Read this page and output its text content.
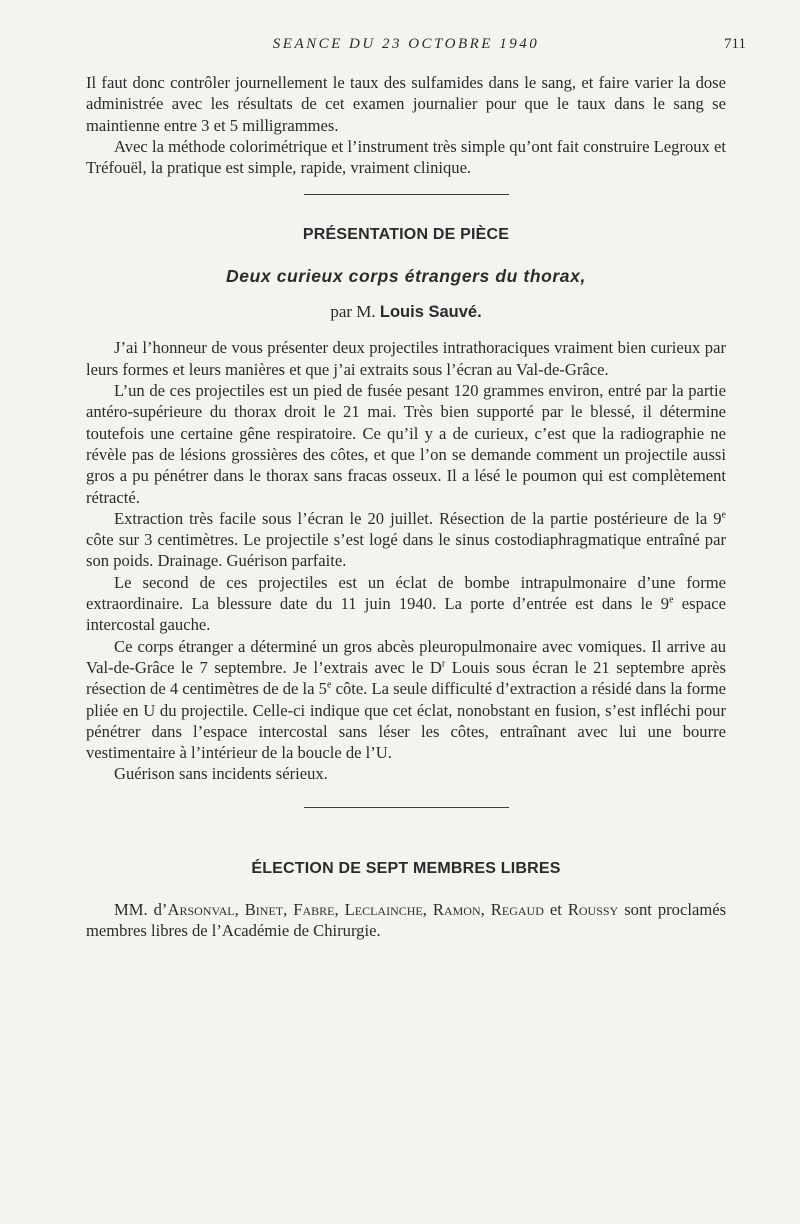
SEANCE DU 23 OCTOBRE 1940	711

Il faut donc contrôler journellement le taux des sulfamides dans le sang, et faire varier la dose administrée avec les résultats de cet examen journalier pour que le taux dans le sang se maintienne entre 3 et 5 milligrammes.

Avec la méthode colorimétrique et l’instrument très simple qu’ont fait construire Legroux et Tréfouël, la pratique est simple, rapide, vraiment clinique.

PRÉSENTATION DE PIÈCE
Deux curieux corps étrangers du thorax,
par M. Louis Sauvé.

J’ai l’honneur de vous présenter deux projectiles intrathoraciques vraiment bien curieux par leurs formes et leurs manières et que j’ai extraits sous l’écran au Val-de-Grâce.

L’un de ces projectiles est un pied de fusée pesant 120 grammes environ, entré par la partie antéro-supérieure du thorax droit le 21 mai. Très bien supporté par le blessé, il détermine toutefois une certaine gêne respiratoire. Ce qu’il y a de curieux, c’est que la radiographie ne révèle pas de lésions grossières des côtes, et que l’on se demande comment un projectile aussi gros a pu pénétrer dans le thorax sans fracas osseux. Il a lésé le poumon qui est complètement rétracté.

Extraction très facile sous l’écran le 20 juillet. Résection de la partie postérieure de la 9e côte sur 3 centimètres. Le projectile s’est logé dans le sinus costodiaphragmatique entraîné par son poids. Drainage. Guérison parfaite.

Le second de ces projectiles est un éclat de bombe intrapulmonaire d’une forme extraordinaire. La blessure date du 11 juin 1940. La porte d’entrée est dans le 9e espace intercostal gauche.

Ce corps étranger a déterminé un gros abcès pleuropulmonaire avec vomiques. Il arrive au Val-de-Grâce le 7 septembre. Je l’extrais avec le $D^r$ Louis sous écran le 21 septembre après résection de 4 centimètres de de la 5e côte. La seule difficulté d’extraction a résidé dans la forme pliée en U du projectile. Celle-ci indique que cet éclat, nonobstant en fusion, s’est infléchi pour pénétrer dans l’espace intercostal sans léser les côtes, entraînant avec lui une bourre vestimentaire à l’intérieur de la boucle de l’U.

Guérison sans incidents sérieux.

ÉLECTION DE SEPT MEMBRES LIBRES

MM. d’Arsonval, Binet, Fabre, Leclainche, Ramon, Regaud et Roussy sont proclamés membres libres de l’Académie de Chirurgie.
